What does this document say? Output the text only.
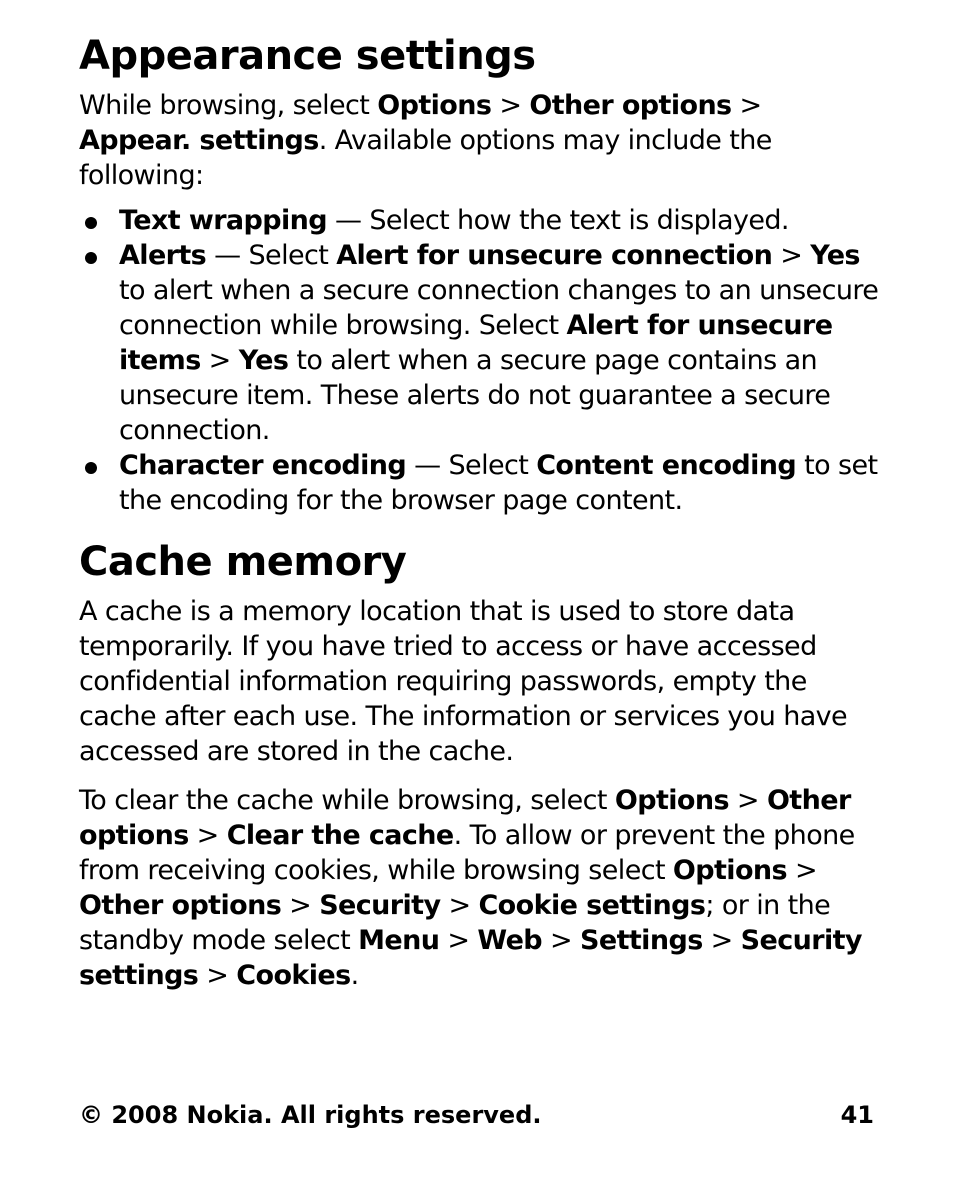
Appearance settings

While browsing, select Options > Other options > Appear. settings. Available options may include the following:

Text wrapping — Select how the text is displayed.
Alerts — Select Alert for unsecure connection > Yes to alert when a secure connection changes to an unsecure connection while browsing. Select Alert for unsecure items > Yes to alert when a secure page contains an unsecure item. These alerts do not guarantee a secure connection.
Character encoding — Select Content encoding to set the encoding for the browser page content.
Cache memory

A cache is a memory location that is used to store data temporarily. If you have tried to access or have accessed confidential information requiring passwords, empty the cache after each use. The information or services you have accessed are stored in the cache.

To clear the cache while browsing, select Options > Other options > Clear the cache. To allow or prevent the phone from receiving cookies, while browsing select Options > Other options > Security > Cookie settings; or in the standby mode select Menu > Web > Settings > Security settings > Cookies.

© 2008 Nokia. All rights reserved.	41
